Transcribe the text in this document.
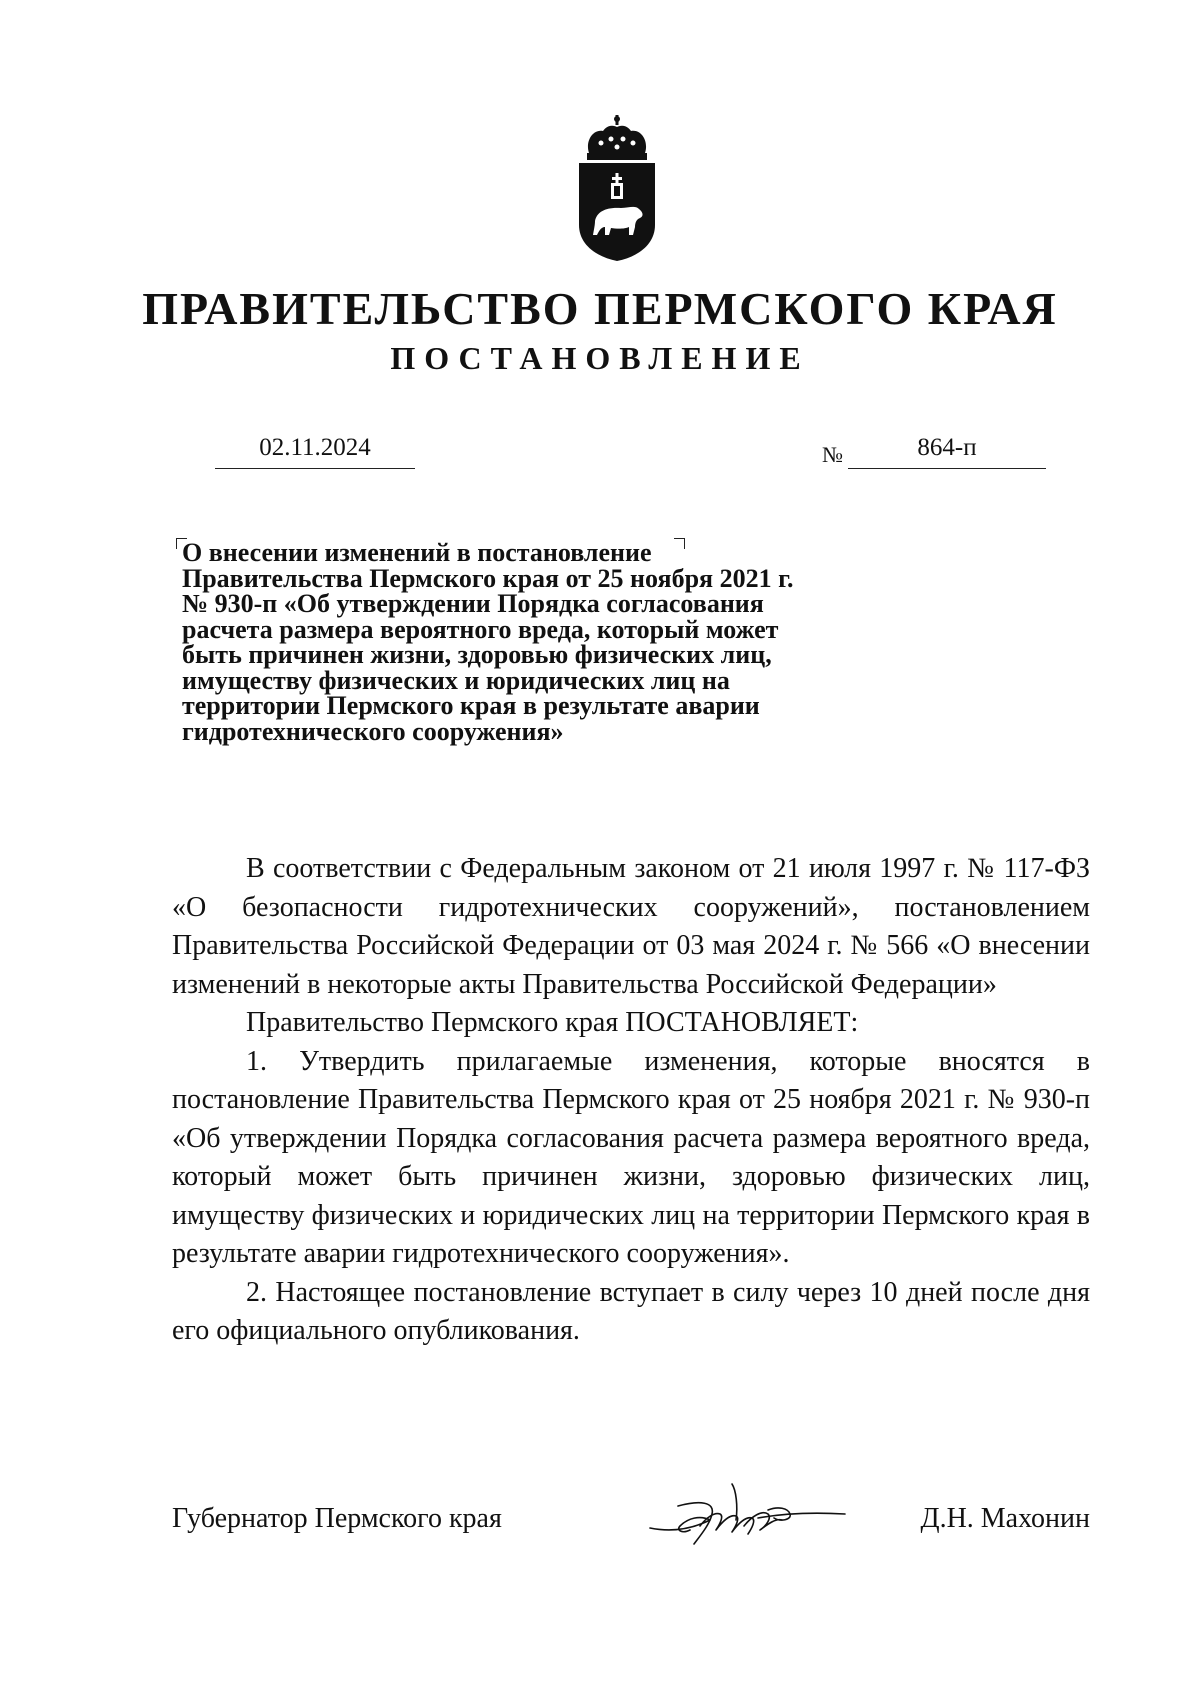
ПРАВИТЕЛЬСТВО ПЕРМСКОГО КРАЯ
ПОСТАНОВЛЕНИЕ
02.11.2024	№	864-п
О внесении изменений в постановление Правительства Пермского края от 25 ноября 2021 г. № 930-п «Об утверждении Порядка согласования расчета размера вероятного вреда, который может быть причинен жизни, здоровью физических лиц, имуществу физических и юридических лиц на территории Пермского края в результате аварии гидротехнического сооружения»

В соответствии с Федеральным законом от 21 июля 1997 г. № 117-ФЗ «О безопасности гидротехнических сооружений», постановлением Правительства Российской Федерации от 03 мая 2024 г. № 566 «О внесении изменений в некоторые акты Правительства Российской Федерации»

Правительство Пермского края ПОСТАНОВЛЯЕТ:

1. Утвердить прилагаемые изменения, которые вносятся в постановление Правительства Пермского края от 25 ноября 2021 г. № 930-п «Об утверждении Порядка согласования расчета размера вероятного вреда, который может быть причинен жизни, здоровью физических лиц, имуществу физических и юридических лиц на территории Пермского края в результате аварии гидротехнического сооружения».

2. Настоящее постановление вступает в силу через 10 дней после дня его официального опубликования.

Губернатор Пермского края	Д.Н. Махонин
